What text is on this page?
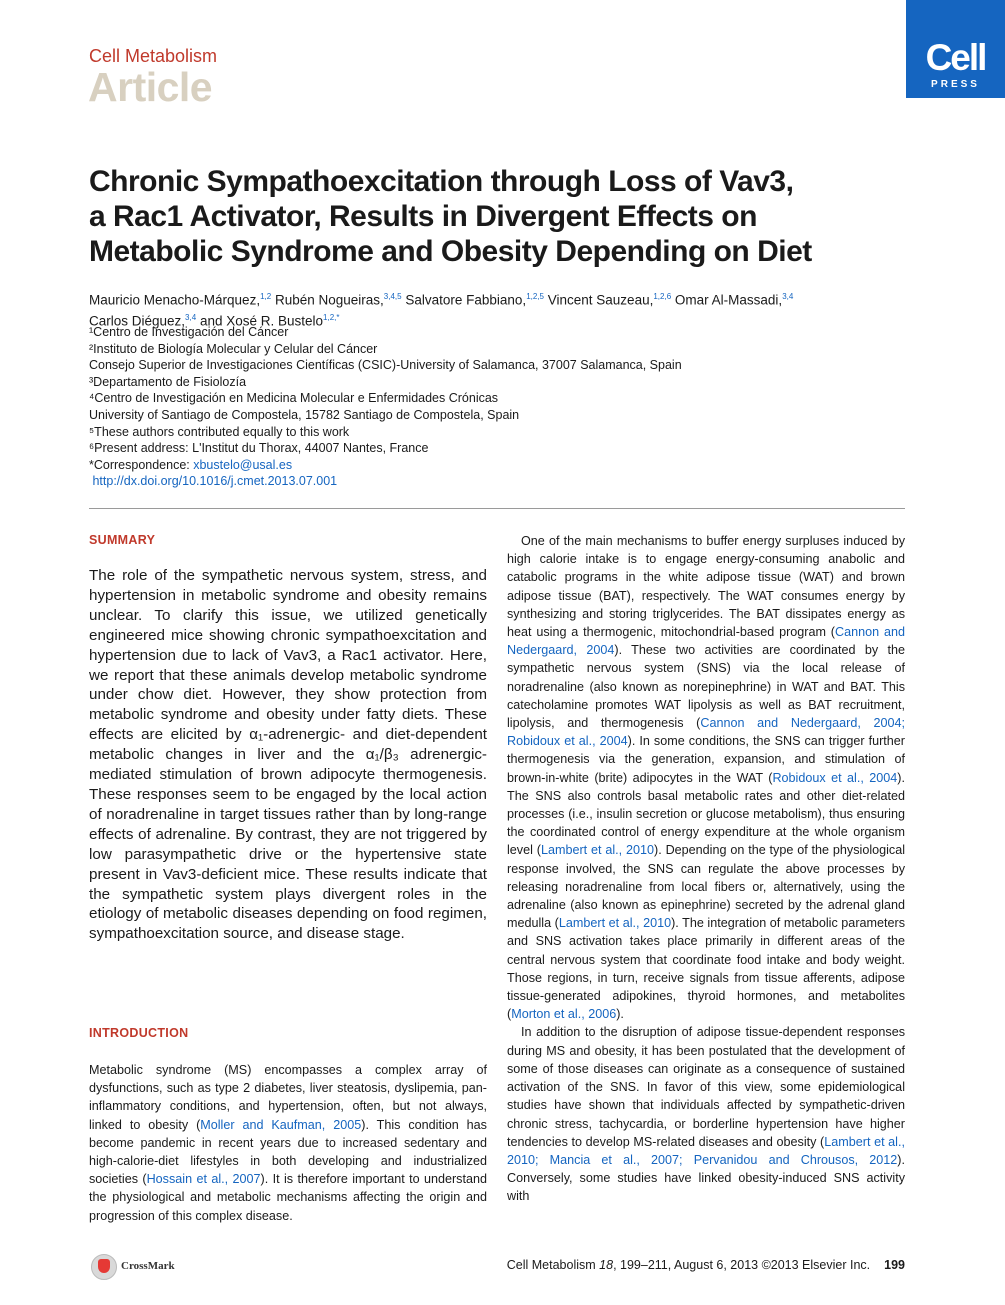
Cell Metabolism
Article
Cell
PRESS
Chronic Sympathoexcitation through Loss of Vav3,
a Rac1 Activator, Results in Divergent Effects on
Metabolic Syndrome and Obesity Depending on Diet
Mauricio Menacho-Márquez,$^{1,2}$ Rubén Nogueiras,$^{3,4,5}$ Salvatore Fabbiano,$^{1,2,5}$ Vincent Sauzeau,$^{1,2,6}$ Omar Al-Massadi,$^{3,4}$
Carlos Diéguez,$^{3,4}$ and Xosé R. Bustelo$^{1,2,*}$
¹Centro de Investigación del Cáncer
²Instituto de Biología Molecular y Celular del Cáncer
Consejo Superior de Investigaciones Científicas (CSIC)-University of Salamanca, 37007 Salamanca, Spain
³Departamento de Fisiolozía
⁴Centro de Investigación en Medicina Molecular e Enfermidades Crónicas
University of Santiago de Compostela, 15782 Santiago de Compostela, Spain
⁵These authors contributed equally to this work
⁶Present address: L'Institut du Thorax, 44007 Nantes, France
*Correspondence: xbustelo@usal.es
http://dx.doi.org/10.1016/j.cmet.2013.07.001
SUMMARY
The role of the sympathetic nervous system, stress, and hypertension in metabolic syndrome and obesity remains unclear. To clarify this issue, we utilized genetically engineered mice showing chronic sympathoexcitation and hypertension due to lack of Vav3, a Rac1 activator. Here, we report that these animals develop metabolic syndrome under chow diet. However, they show protection from metabolic syndrome and obesity under fatty diets. These effects are elicited by α₁-adrenergic- and diet-dependent metabolic changes in liver and the α₁/β₃ adrenergic-mediated stimulation of brown adipocyte thermogenesis. These responses seem to be engaged by the local action of noradrenaline in target tissues rather than by long-range effects of adrenaline. By contrast, they are not triggered by low parasympathetic drive or the hypertensive state present in Vav3-deficient mice. These results indicate that the sympathetic system plays divergent roles in the etiology of metabolic diseases depending on food regimen, sympathoexcitation source, and disease stage.
INTRODUCTION

Metabolic syndrome (MS) encompasses a complex array of dysfunctions, such as type 2 diabetes, liver steatosis, dyslipemia, pan-inflammatory conditions, and hypertension, often, but not always, linked to obesity (Moller and Kaufman, 2005). This condition has become pandemic in recent years due to increased sedentary and high-calorie-diet lifestyles in both developing and industrialized societies (Hossain et al., 2007). It is therefore important to understand the physiological and metabolic mechanisms affecting the origin and progression of this complex disease.

One of the main mechanisms to buffer energy surpluses induced by high calorie intake is to engage energy-consuming anabolic and catabolic programs in the white adipose tissue (WAT) and brown adipose tissue (BAT), respectively. The WAT consumes energy by synthesizing and storing triglycerides. The BAT dissipates energy as heat using a thermogenic, mitochondrial-based program (Cannon and Nedergaard, 2004). These two activities are coordinated by the sympathetic nervous system (SNS) via the local release of noradrenaline (also known as norepinephrine) in WAT and BAT. This catecholamine promotes WAT lipolysis as well as BAT recruitment, lipolysis, and thermogenesis (Cannon and Nedergaard, 2004; Robidoux et al., 2004). In some conditions, the SNS can trigger further thermogenesis via the generation, expansion, and stimulation of brown-in-white (brite) adipocytes in the WAT (Robidoux et al., 2004). The SNS also controls basal metabolic rates and other diet-related processes (i.e., insulin secretion or glucose metabolism), thus ensuring the coordinated control of energy expenditure at the whole organism level (Lambert et al., 2010). Depending on the type of the physiological response involved, the SNS can regulate the above processes by releasing noradrenaline from local fibers or, alternatively, using the adrenaline (also known as epinephrine) secreted by the adrenal gland medulla (Lambert et al., 2010). The integration of metabolic parameters and SNS activation takes place primarily in different areas of the central nervous system that coordinate food intake and body weight. Those regions, in turn, receive signals from tissue afferents, adipose tissue-generated adipokines, thyroid hormones, and metabolites (Morton et al., 2006).

In addition to the disruption of adipose tissue-dependent responses during MS and obesity, it has been postulated that the development of some of those diseases can originate as a consequence of sustained activation of the SNS. In favor of this view, some epidemiological studies have shown that individuals affected by sympathetic-driven chronic stress, tachycardia, or borderline hypertension have higher tendencies to develop MS-related diseases and obesity (Lambert et al., 2010; Mancia et al., 2007; Pervanidou and Chrousos, 2012). Conversely, some studies have linked obesity-induced SNS activity with

CrossMark	Cell Metabolism 18, 199–211, August 6, 2013 ©2013 Elsevier Inc. 199
